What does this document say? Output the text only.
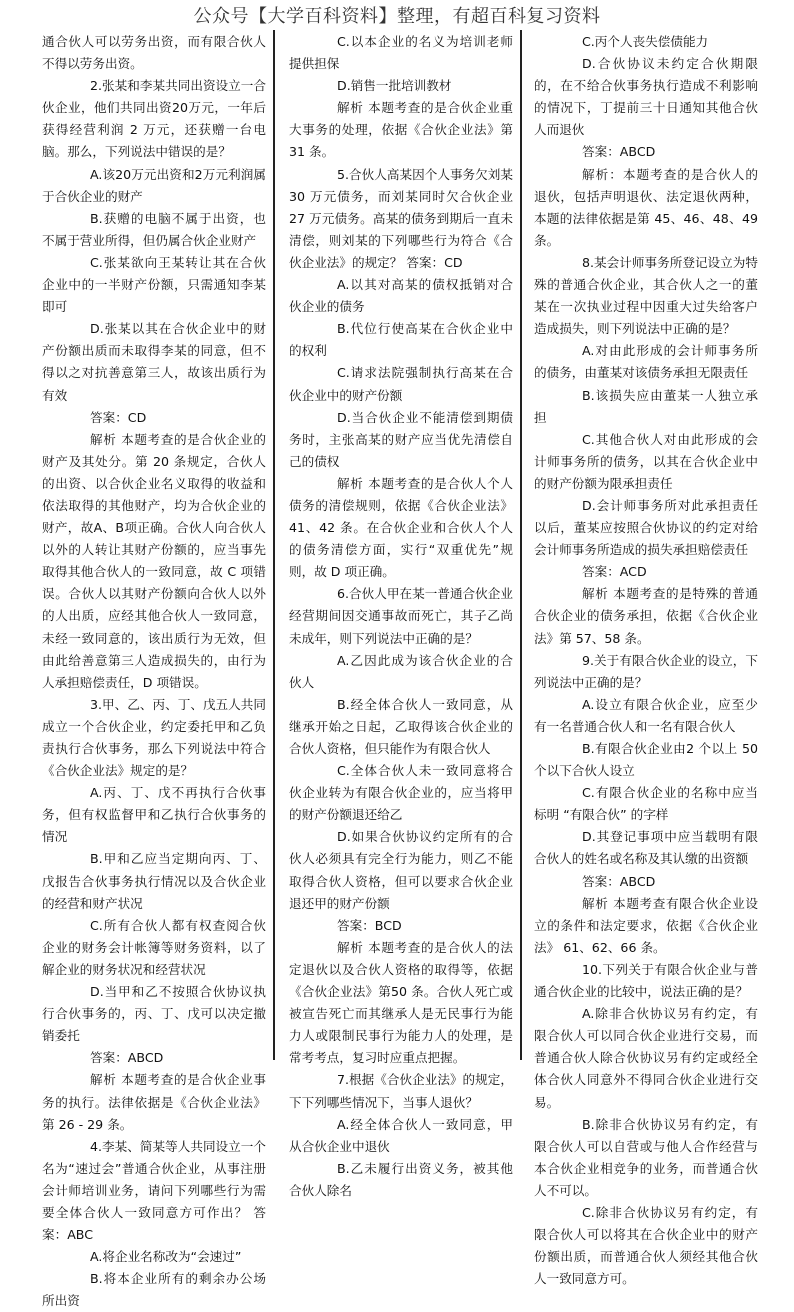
公众号【大学百科资料】整理，有超百科复习资料

通合伙人可以劳务出资，而有限合伙人不得以劳务出资。

2.张某和李某共同出资设立一合伙企业，他们共同出资20万元，一年后获得经营利润 2 万元，还获赠一台电脑。那么，下列说法中错误的是？

A.该20万元出资和2万元利润属于合伙企业的财产

B.获赠的电脑不属于出资，也不属于营业所得，但仍属合伙企业财产

C.张某欲向王某转让其在合伙企业中的一半财产份额，只需通知李某即可

D.张某以其在合伙企业中的财产份额出质而未取得李某的同意，但不得以之对抗善意第三人，故该出质行为有效

答案：CD

解析 本题考查的是合伙企业的财产及其处分。第 20 条规定，合伙人的出资、以合伙企业名义取得的收益和依法取得的其他财产，均为合伙企业的财产，故A、B项正确。合伙人向合伙人以外的人转让其财产份额的，应当事先取得其他合伙人的一致同意，故 C 项错误。合伙人以其财产份额向合伙人以外的人出质，应经其他合伙人一致同意，未经一致同意的，该出质行为无效，但由此给善意第三人造成损失的，由行为人承担赔偿责任，D 项错误。

3.甲、乙、丙、丁、戊五人共同成立一个合伙企业，约定委托甲和乙负责执行合伙事务，那么下列说法中符合《合伙企业法》规定的是？

A.丙、丁、戊不再执行合伙事务，但有权监督甲和乙执行合伙事务的情况

B.甲和乙应当定期向丙、丁、戊报告合伙事务执行情况以及合伙企业的经营和财产状况

C.所有合伙人都有权查阅合伙企业的财务会计帐簿等财务资料，以了解企业的财务状况和经营状况

D.当甲和乙不按照合伙协议执行合伙事务的，丙、丁、戊可以决定撤销委托

答案：ABCD

解析 本题考查的是合伙企业事务的执行。法律依据是《合伙企业法》第 26 - 29 条。

4.李某、简某等人共同设立一个名为“速过会”普通合伙企业，从事注册会计师培训业务，请问下列哪些行为需要全体合伙人一致同意方可作出？ 答案：ABC

A.将企业名称改为“会速过”

B.将本企业所有的剩余办公场所出资

C.以本企业的名义为培训老师提供担保

D.销售一批培训教材

解析 本题考查的是合伙企业重大事务的处理，依据《合伙企业法》第 31 条。

5.合伙人高某因个人事务欠刘某 30 万元债务，而刘某同时欠合伙企业 27 万元债务。高某的债务到期后一直未清偿，则刘某的下列哪些行为符合《合伙企业法》的规定？ 答案：CD

A.以其对高某的债权抵销对合伙企业的债务

B.代位行使高某在合伙企业中的权利

C.请求法院强制执行高某在合伙企业中的财产份额

D.当合伙企业不能清偿到期债务时，主张高某的财产应当优先清偿自己的债权

解析 本题考查的是合伙人个人债务的清偿规则，依据《合伙企业法》 41、42 条。在合伙企业和合伙人个人的债务清偿方面，实行“双重优先”规则，故 D 项正确。

6.合伙人甲在某一普通合伙企业经营期间因交通事故而死亡，其子乙尚未成年，则下列说法中正确的是？

A.乙因此成为该合伙企业的合伙人

B.经全体合伙人一致同意，从继承开始之日起，乙取得该合伙企业的合伙人资格，但只能作为有限合伙人

C.全体合伙人未一致同意将合伙企业转为有限合伙企业的，应当将甲的财产份额退还给乙

D.如果合伙协议约定所有的合伙人必须具有完全行为能力，则乙不能取得合伙人资格，但可以要求合伙企业退还甲的财产份额

答案：BCD

解析 本题考查的是合伙人的法定退伙以及合伙人资格的取得等，依据《合伙企业法》第50 条。合伙人死亡或被宣告死亡而其继承人是无民事行为能力人或限制民事行为能力人的处理，是常考考点，复习时应重点把握。

7.根据《合伙企业法》的规定，下下列哪些情况下，当事人退伙？

A.经全体合伙人一致同意，甲从合伙企业中退伙

B.乙未履行出资义务，被其他合伙人除名

C.丙个人丧失偿债能力

D.合伙协议未约定合伙期限的，在不给合伙事务执行造成不利影响的情况下，丁提前三十日通知其他合伙人而退伙

答案：ABCD

解析：本题考查的是合伙人的退伙，包括声明退伙、法定退伙两种，本题的法律依据是第 45、46、48、49 条。

8.某会计师事务所登记设立为特殊的普通合伙企业，其合伙人之一的董某在一次执业过程中因重大过失给客户造成损失，则下列说法中正确的是？

A.对由此形成的会计师事务所的债务，由董某对该债务承担无限责任

B.该损失应由董某一人独立承担

C.其他合伙人对由此形成的会计师事务所的债务，以其在合伙企业中的财产份额为限承担责任

D.会计师事务所对此承担责任以后，董某应按照合伙协议的约定对给会计师事务所造成的损失承担赔偿责任

答案：ACD

解析 本题考查的是特殊的普通合伙企业的债务承担，依据《合伙企业法》第 57、58 条。

9.关于有限合伙企业的设立，下列说法中正确的是？

A.设立有限合伙企业，应至少有一名普通合伙人和一名有限合伙人

B.有限合伙企业由2 个以上 50 个以下合伙人设立

C.有限合伙企业的名称中应当标明 “有限合伙” 的字样

D.其登记事项中应当载明有限合伙人的姓名或名称及其认缴的出资额

答案：ABCD

解析 本题考查有限合伙企业设立的条件和法定要求，依据《合伙企业法》 61、62、66 条。

10.下列关于有限合伙企业与普通合伙企业的比较中，说法正确的是？

A.除非合伙协议另有约定，有限合伙人可以同合伙企业进行交易，而普通合伙人除合伙协议另有约定或经全体合伙人同意外不得同合伙企业进行交易。

B.除非合伙协议另有约定，有限合伙人可以自营或与他人合作经营与本合伙企业相竞争的业务，而普通合伙人不可以。

C.除非合伙协议另有约定，有限合伙人可以将其在合伙企业中的财产份额出质，而普通合伙人须经其他合伙人一致同意方可。
